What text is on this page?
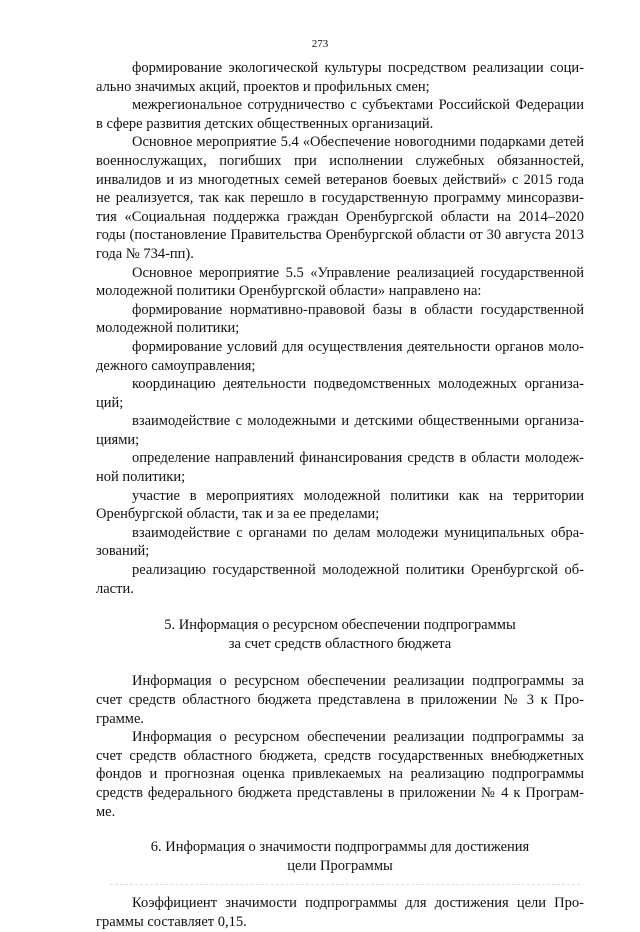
273

формирование экологической культуры посредством реализации социально значимых акций, проектов и профильных смен;

межрегиональное сотрудничество с субъектами Российской Федерации в сфере развития детских общественных организаций.

Основное мероприятие 5.4 «Обеспечение новогодними подарками детей военнослужащих, погибших при исполнении служебных обязанностей, инвалидов и из многодетных семей ветеранов боевых действий» с 2015 года не реализуется, так как перешло в государственную программу минсоразвития «Социальная поддержка граждан Оренбургской области на 2014–2020 годы (постановление Правительства Оренбургской области от 30 августа 2013 года № 734-пп).

Основное мероприятие 5.5 «Управление реализацией государственной молодежной политики Оренбургской области» направлено на:

формирование нормативно-правовой базы в области государственной молодежной политики;

формирование условий для осуществления деятельности органов молодежного самоуправления;

координацию деятельности подведомственных молодежных организаций;

взаимодействие с молодежными и детскими общественными организациями;

определение направлений финансирования средств в области молодежной политики;

участие в мероприятиях молодежной политики как на территории Оренбургской области, так и за ее пределами;

взаимодействие с органами по делам молодежи муниципальных образований;

реализацию государственной молодежной политики Оренбургской области.

5. Информация о ресурсном обеспечении подпрограммы
за счет средств областного бюджета

Информация о ресурсном обеспечении реализации подпрограммы за счет средств областного бюджета представлена в приложении № 3 к Программе.

Информация о ресурсном обеспечении реализации подпрограммы за счет средств областного бюджета, средств государственных внебюджетных фондов и прогнозная оценка привлекаемых на реализацию подпрограммы средств федерального бюджета представлены в приложении № 4 к Программе.

6. Информация о значимости подпрограммы для достижения
цели Программы

Коэффициент значимости подпрограммы для достижения цели Программы составляет 0,15.
